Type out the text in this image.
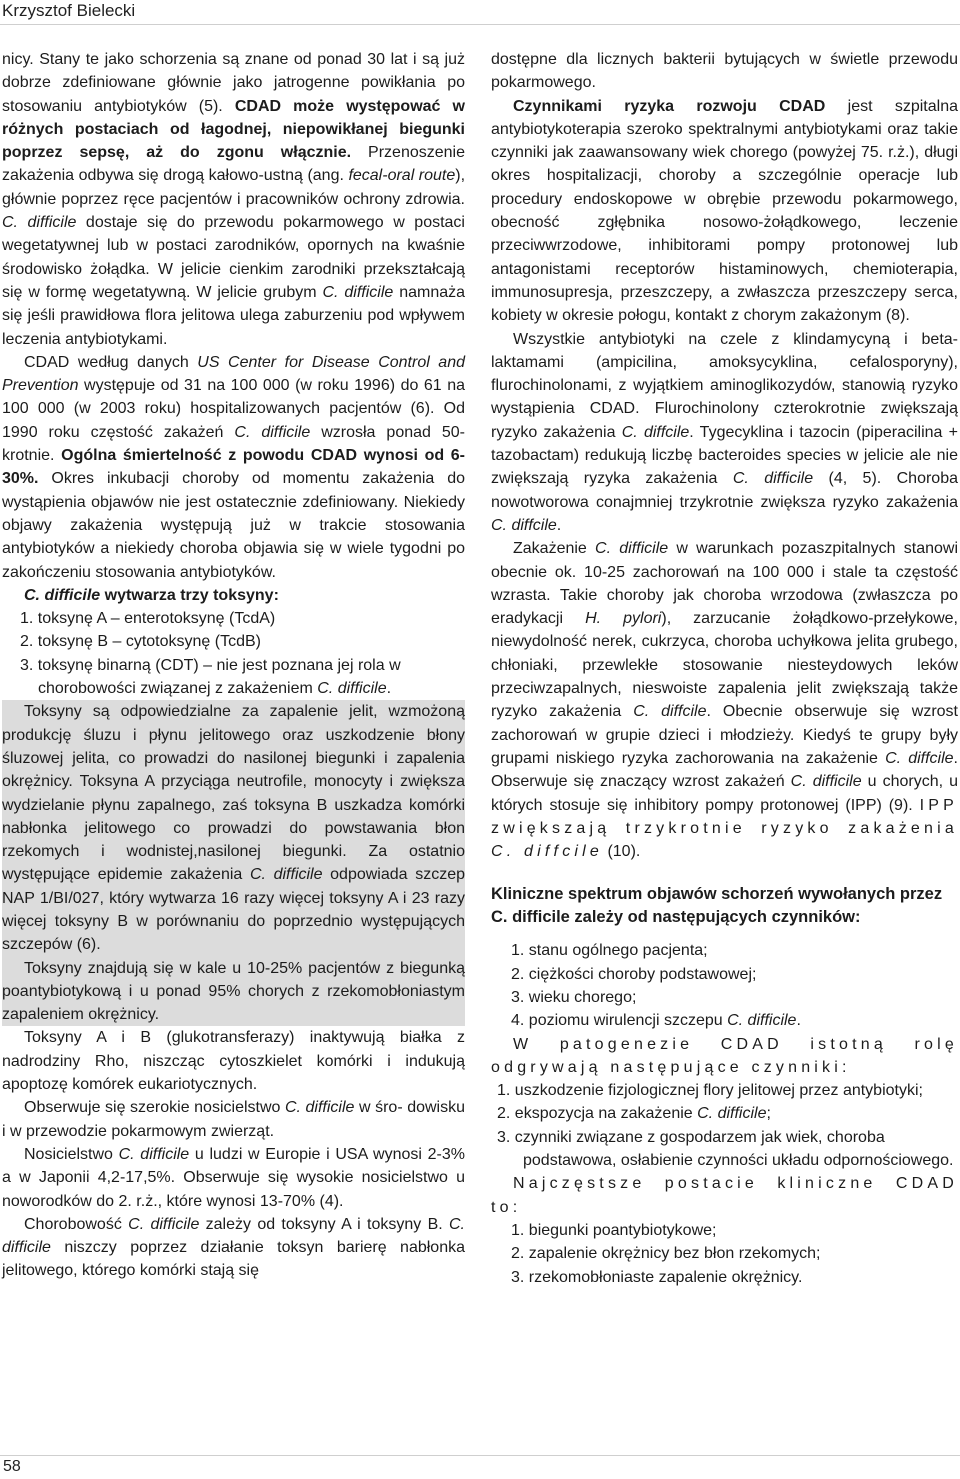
Krzysztof Bielecki

nicy. Stany te jako schorzenia są znane od ponad 30 lat i są już dobrze zdefiniowane głównie jako jatrogenne powikłania po stosowaniu antybiotyków (5). CDAD może występować w różnych postaciach od łagodnej, niepowikłanej biegunki poprzez sepsę, aż do zgonu włącznie. Przenoszenie zakażenia odbywa się drogą kałowo-ustną (ang. fecal-oral route), głównie poprzez ręce pacjentów i pracowników ochrony zdrowia. C. difficile dostaje się do przewodu pokarmowego w postaci wegetatywnej lub w postaci zarodników, opornych na kwaśnie środowisko żołądka. W jelicie cienkim zarodniki przekształcają się w formę wegetatywną. W jelicie grubym C. difficile namnaża się jeśli prawidłowa flora jelitowa ulega zaburzeniu pod wpływem leczenia antybiotykami.

CDAD według danych US Center for Disease Control and Prevention występuje od 31 na 100 000 (w roku 1996) do 61 na 100 000 (w 2003 roku) hospitalizowanych pacjentów (6). Od 1990 roku częstość zakażeń C. difficile wzrosła ponad 50-krotnie. Ogólna śmiertelność z powodu CDAD wynosi od 6-30%. Okres inkubacji choroby od momentu zakażenia do wystąpienia objawów nie jest ostatecznie zdefiniowany. Niekiedy objawy zakażenia występują już w trakcie stosowania antybiotyków a niekiedy choroba objawia się w wiele tygodni po zakończeniu stosowania antybiotyków.

C. difficile wytwarza trzy toksyny:

1. toksynę A – enterotoksynę (TcdA)
2. toksynę B – cytotoksynę (TcdB)
3. toksynę binarną (CDT) – nie jest poznana jej rola w chorobowości związanej z zakażeniem C. difficile.

Toksyny są odpowiedzialne za zapalenie jelit, wzmożoną produkcję śluzu i płynu jelitowego oraz uszkodzenie błony śluzowej jelita, co prowadzi do nasilonej biegunki i zapalenia okrężnicy. Toksyna A przyciąga neutrofile, monocyty i zwiększa wydzielanie płynu zapalnego, zaś toksyna B uszkadza komórki nabłonka jelitowego co prowadzi do powstawania błon rzekomych i wodnistej,nasilonej biegunki. Za ostatnio występujące epidemie zakażenia C. difficile odpowiada szczep NAP 1/BI/027, który wytwarza 16 razy więcej toksyny A i 23 razy więcej toksyny B w porównaniu do poprzednio występujących szczepów (6).

Toksyny znajdują się w kale u 10-25% pacjentów z biegunką poantybiotykową i u ponad 95% chorych z rzekomobłoniastym zapaleniem okrężnicy.

Toksyny A i B (glukotransferazy) inaktywują białka z nadrodziny Rho, niszcząc cytoszkielet komórki i indukują apoptozę komórek eukariotycznych.

Obserwuje się szerokie nosicielstwo C. difficile w śro- dowisku i w przewodzie pokarmowym zwierząt.

Nosicielstwo C. difficile u ludzi w Europie i USA wynosi 2-3% a w Japonii 4,2-17,5%. Obserwuje się wysokie nosicielstwo u noworodków do 2. r.ż., które wynosi 13-70% (4).

Chorobowość C. difficile zależy od toksyny A i toksyny B. C. difficile niszczy poprzez działanie toksyn barierę nabłonka jelitowego, którego komórki stają się

dostępne dla licznych bakterii bytujących w świetle przewodu pokarmowego.

Czynnikami ryzyka rozwoju CDAD jest szpitalna antybiotykoterapia szeroko spektralnymi antybiotykami oraz takie czynniki jak zaawansowany wiek chorego (powyżej 75. r.ż.), długi okres hospitalizacji, choroby a szczególnie operacje lub procedury endoskopowe w obrębie przewodu pokarmowego, obecność zgłębnika nosowo-żołądkowego, leczenie przeciwwrzodowe, inhibitorami pompy protonowej lub antagonistami receptorów histaminowych, chemioterapia, immunosupresja, przeszczepy, a zwłaszcza przeszczepy serca, kobiety w okresie połogu, kontakt z chorym zakażonym (8).

Wszystkie antybiotyki na czele z klindamycyną i beta-laktamami (ampicilina, amoksycyklina, cefalosporyny), flurochinolonami, z wyjątkiem aminoglikozydów, stanowią ryzyko wystąpienia CDAD. Flurochinolony czterokrotnie zwiększają ryzyko zakażenia C. diffcile. Tygecyklina i tazocin (piperacilina + tazobactam) redukują liczbę bacteroides species w jelicie ale nie zwiększają ryzyka zakażenia C. difficile (4, 5). Choroba nowotworowa conajmniej trzykrotnie zwiększa ryzyko zakażenia C. diffcile.

Zakażenie C. difficile w warunkach pozaszpitalnych stanowi obecnie ok. 10-25 zachorowań na 100 000 i stale ta częstość wzrasta. Takie choroby jak choroba wrzodowa (zwłaszcza po eradykacji H. pylori), zarzucanie żołądkowo-przełykowe, niewydolność nerek, cukrzyca, choroba uchyłkowa jelita grubego, chłoniaki, przewlekłe stosowanie niesteydowych leków przeciwzapalnych, nieswoiste zapalenia jelit zwiększają także ryzyko zakażenia C. diffcile. Obecnie obserwuje się wzrost zachorowań w grupie dzieci i młodzieży. Kiedyś te grupy były grupami niskiego ryzyka zachorowania na zakażenie C. diffcile. Obserwuje się znaczący wzrost zakażeń C. difficile u chorych, u których stosuje się inhibitory pompy protonowej (IPP) (9). IPP zwiększają trzykrotnie ryzyko zakażenia C. diffcile (10).

Kliniczne spektrum objawów schorzeń wywołanych przez C. difficile zależy od następujących czynników:
1. stanu ogólnego pacjenta;
2. ciężkości choroby podstawowej;
3. wieku chorego;
4. poziomu wirulencji szczepu C. difficile.

W patogenezie CDAD istotną rolę odgrywają następujące czynniki:

1. uszkodzenie fizjologicznej flory jelitowej przez antybiotyki;
2. ekspozycja na zakażenie C. difficile;
3. czynniki związane z gospodarzem jak wiek, choroba podstawowa, osłabienie czynności układu odpornościowego.

Najczęstsze postacie kliniczne CDAD to:

1. biegunki poantybiotykowe;
2. zapalenie okrężnicy bez błon rzekomych;
3. rzekomobłoniaste zapalenie okrężnicy.
58
